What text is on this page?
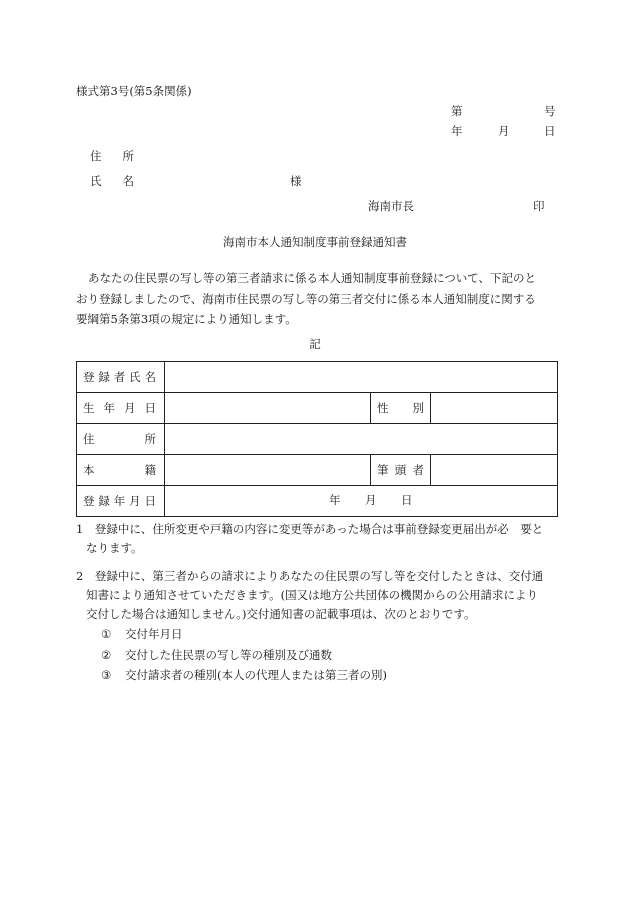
様式第3号(第5条関係)
第	号
年	月	日
住 所
氏 名	様
海南市長	印
海南市本人通知制度事前登録通知書
あなたの住民票の写し等の第三者請求に係る本人通知制度事前登録について、下記のと
おり登録しましたので、海南市住民票の写し等の第三者交付に係る本人通知制度に関する
要綱第5条第3項の規定により通知します。
記
登 録 者 氏 名			

生 年 月 日		性 別	

住 所			

本 籍		筆 頭 者	

登 録 年 月 日	年 月 日		

1　登録中に、住所変更や戸籍の内容に変更等があった場合は事前登録変更届出が必　要と

なります。

2　登録中に、第三者からの請求によりあなたの住民票の写し等を交付したときは、交付通

知書により通知させていただきます。(国又は地方公共団体の機関からの公用請求により

交付した場合は通知しません。)交付通知書の記載事項は、次のとおりです。

① 交付年月日
② 交付した住民票の写し等の種別及び通数
③ 交付請求者の種別(本人の代理人または第三者の別)
